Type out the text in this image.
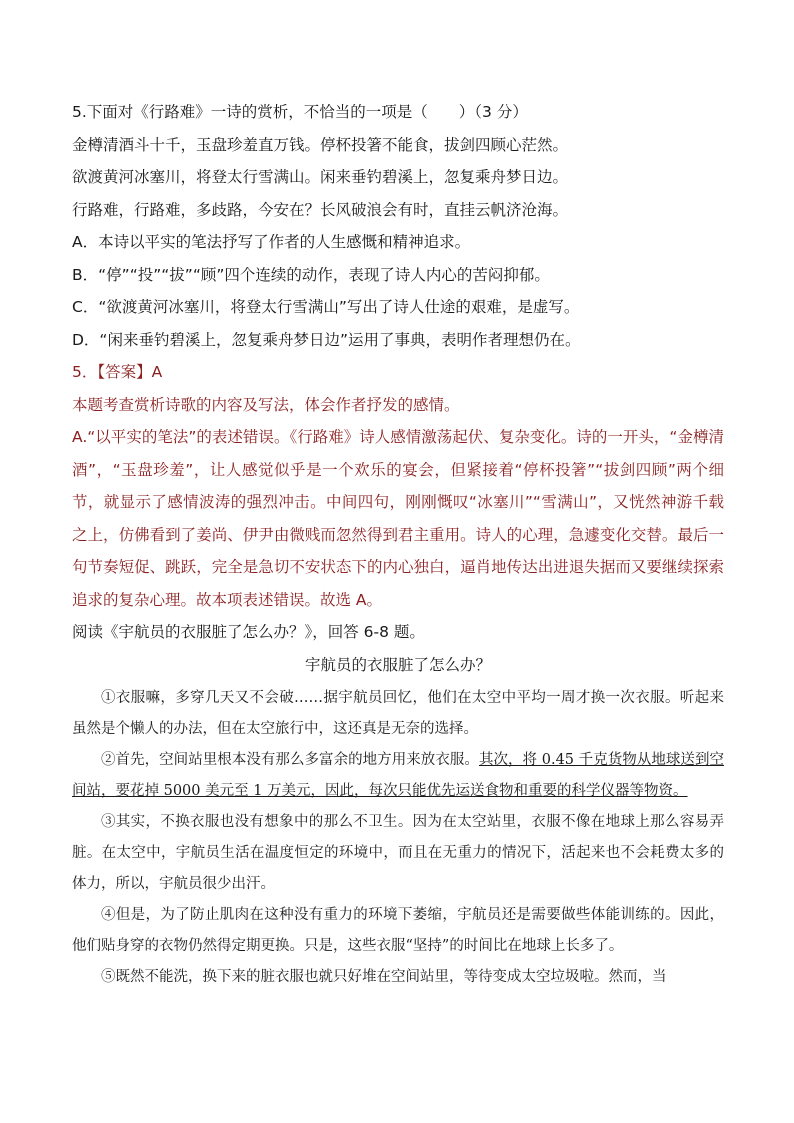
5.下面对《行路难》一诗的赏析，不恰当的一项是（　　）（3 分）
金樽清酒斗十千，玉盘珍羞直万钱。停杯投箸不能食，拔剑四顾心茫然。
欲渡黄河冰塞川，将登太行雪满山。闲来垂钓碧溪上，忽复乘舟梦日边。
行路难，行路难，多歧路，今安在？长风破浪会有时，直挂云帆济沧海。
A．本诗以平实的笔法抒写了作者的人生感慨和精神追求。
B．“停”“投”“拔”“顾”四个连续的动作，表现了诗人内心的苦闷抑郁。
C．“欲渡黄河冰塞川，将登太行雪满山”写出了诗人仕途的艰难，是虚写。
D．“闲来垂钓碧溪上，忽复乘舟梦日边”运用了事典，表明作者理想仍在。
5．【答案】A
本题考查赏析诗歌的内容及写法，体会作者抒发的感情。
A.“以平实的笔法”的表述错误。《行路难》诗人感情激荡起伏、复杂变化。诗的一开头，“金樽清酒”，“玉盘珍羞”，让人感觉似乎是一个欢乐的宴会，但紧接着“停杯投箸”“拔剑四顾”两个细节，就显示了感情波涛的强烈冲击。中间四句，刚刚慨叹“冰塞川”“雪满山”，又恍然神游千载之上，仿佛看到了姜尚、伊尹由微贱而忽然得到君主重用。诗人的心理，急遽变化交替。最后一句节奏短促、跳跃，完全是急切不安状态下的内心独白，逼肖地传达出进退失据而又要继续探索追求的复杂心理。故本项表述错误。故选 A。
阅读《宇航员的衣服脏了怎么办？》，回答 6-8 题。
宇航员的衣服脏了怎么办？

①衣服嘛，多穿几天又不会破……据宇航员回忆，他们在太空中平均一周才换一次衣服。听起来虽然是个懒人的办法，但在太空旅行中，这还真是无奈的选择。

②首先，空间站里根本没有那么多富余的地方用来放衣服。其次，将 0.45 千克货物从地球送到空间站，要花掉 5000 美元至 1 万美元，因此，每次只能优先运送食物和重要的科学仪器等物资。

③其实，不换衣服也没有想象中的那么不卫生。因为在太空站里，衣服不像在地球上那么容易弄脏。在太空中，宇航员生活在温度恒定的环境中，而且在无重力的情况下，活起来也不会耗费太多的体力，所以，宇航员很少出汗。

④但是，为了防止肌肉在这种没有重力的环境下萎缩，宇航员还是需要做些体能训练的。因此，他们贴身穿的衣物仍然得定期更换。只是，这些衣服“坚持”的时间比在地球上长多了。

⑤既然不能洗，换下来的脏衣服也就只好堆在空间站里，等待变成太空垃圾啦。然而，当
